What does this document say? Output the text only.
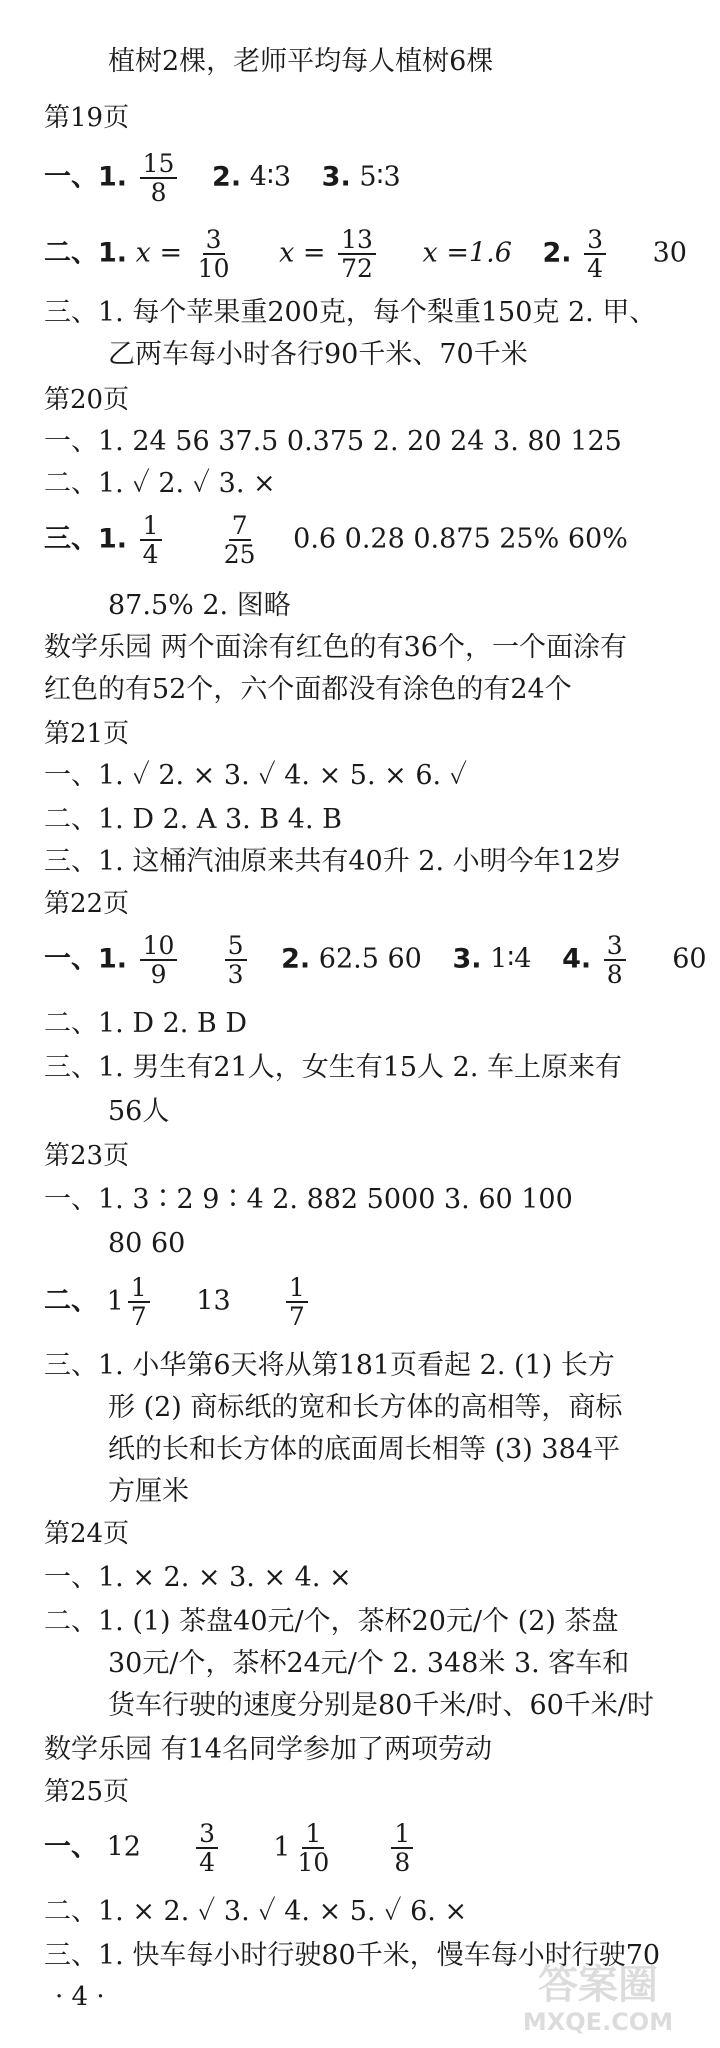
植树2棵，老师平均每人植树6棵
第19页
一、1. $\frac{15}{8} 2$. 4∶3 3. 5∶3
二、1. $x = \frac{3}{10}$ $x = \frac{13}{72}$ x =1.6 2. $\frac{3}{4} 30$
三、1. 每个苹果重200克，每个梨重150克 2. 甲、
乙两车每小时各行90千米、70千米
第20页
一、1. 24 56 37.5 0.375 2. 20 24 3. 80 125
二、1. ✓ 2. ✓ 3. ×
三、1. $\frac{1}{4}$
$\frac{7}{25} 0.6$ 0.28 0.875 25% 60%
87.5% 2. 图略
数学乐园 两个面涂有红色的有36个，一个面涂有
红色的有52个，六个面都没有涂色的有24个
第21页
一、1. ✓ 2. × 3. ✓ 4. × 5. × 6. ✓
二、1. D 2. A 3. B 4. B
三、1. 这桶汽油原来共有40升 2. 小明今年12岁
第22页
一、1. $\frac{10}{9}$
$\frac{5}{3} 2$. 62.5 60 3. 1∶4 4. $\frac{3}{8} 60$
二、1. D 2. B D
三、1. 男生有21人，女生有15人 2. 车上原来有
56人
第23页
一、1. 3∶2 9∶4 2. 882 5000 3. 60 100
80 60
二、 $1 \frac{1}{7} 13 \frac{1}{7}$
三、1. 小华第6天将从第181页看起 2. (1) 长方
形 (2) 商标纸的宽和长方体的高相等，商标
纸的长和长方体的底面周长相等 (3) 384平
方厘米
第24页
一、1. × 2. × 3. × 4. ×
二、1. (1) 茶盘40元/个，茶杯20元/个 (2) 茶盘
30元/个，茶杯24元/个 2. 348米 3. 客车和
货车行驶的速度分别是80千米/时、60千米/时
数学乐园 有14名同学参加了两项劳动
第25页
一、 $12 \frac{3}{4}$
$1 \frac{1}{10}$
$\frac{1}{8}$
二、1. × 2. ✓ 3. ✓ 4. × 5. ✓ 6. ×
三、1. 快车每小时行驶80千米，慢车每小时行驶70
· 4 ·	答案圈
MXQE.COM
